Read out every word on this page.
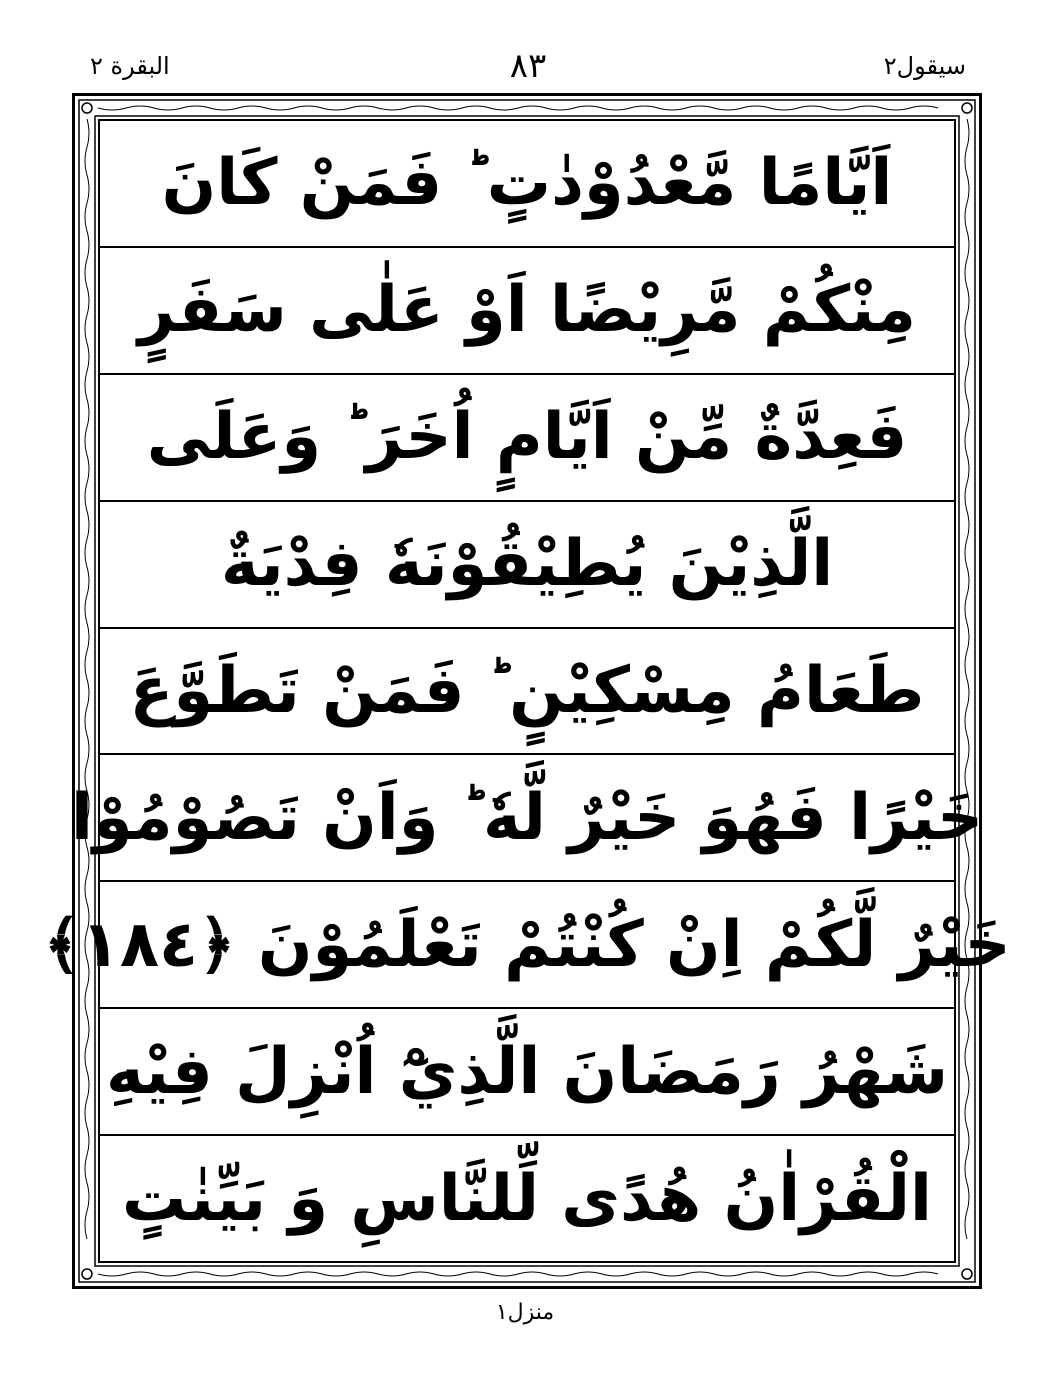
البقرة ٢	٨٣	سیقول٢
اَيَّامًا مَّعْدُوْدٰتٍ ؕ فَمَنْ كَانَ
مِنْكُمْ مَّرِيْضًا اَوْ عَلٰى سَفَرٍ
فَعِدَّةٌ مِّنْ اَيَّامٍ اُخَرَ ؕ وَعَلَى
الَّذِيْنَ يُطِيْقُوْنَهٗ فِدْيَةٌ
طَعَامُ مِسْكِيْنٍ ؕ فَمَنْ تَطَوَّعَ
خَيْرًا فَهُوَ خَيْرٌ لَّهٗ ؕ وَاَنْ تَصُوْمُوْا
خَيْرٌ لَّكُمْ اِنْ كُنْتُمْ تَعْلَمُوْنَ ﴿١٨٤﴾
شَهْرُ رَمَضَانَ الَّذِيْٓ اُنْزِلَ فِيْهِ
الْقُرْاٰنُ هُدًى لِّلنَّاسِ وَ بَيِّنٰتٍ
منزل١
